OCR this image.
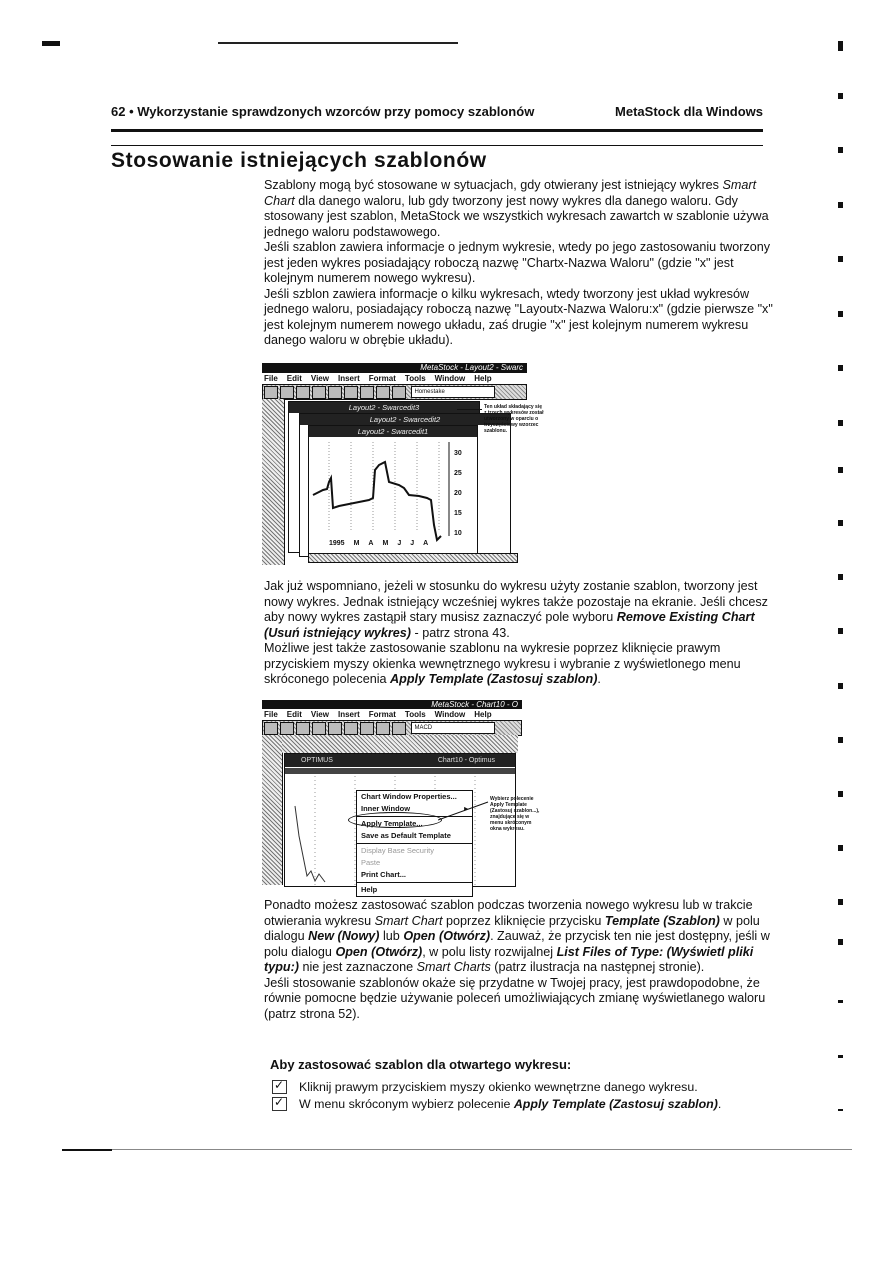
62 • Wykorzystanie sprawdzonych wzorców przy pomocy szablonów	MetaStock dla Windows
Stosowanie istniejących szablonów

Szablony mogą być stosowane w sytuacjach, gdy otwierany jest istniejący wykres Smart Chart dla danego waloru, lub gdy tworzony jest nowy wykres dla danego waloru. Gdy stosowany jest szablon, MetaStock we wszystkich wykresach zawartch w szablonie używa jednego waloru podstawowego.

Jeśli szablon zawiera informacje o jednym wykresie, wtedy po jego zastosowaniu tworzony jest jeden wykres posiadający roboczą nazwę "Chartx-Nazwa Waloru" (gdzie "x" jest kolejnym numerem nowego wykresu).

Jeśli szblon zawiera informacje o kilku wykresach, wtedy tworzony jest układ wykresów jednego waloru, posiadający roboczą nazwę "Layoutx-Nazwa Waloru:x" (gdzie pierwsze "x" jest kolejnym numerem nowego układu, zaś drugie "x" jest kolejnym numerem wykresu danego waloru w obrębie układu).

MetaStock - Layout2 - Swarc
File Edit View Insert Format Tools Window Help
Homestake
Layout2 - Swarcedit3
Layout2 - Swarcedit2
Layout2 - Swarcedit1
30
25
20
15
10
1995 M A M J J A
Ten układ składający się z trzech wykresów został utworzony w oparciu o trzyczęściowy wzorzec szablonu.

Jak już wspomniano, jeżeli w stosunku do wykresu użyty zostanie szablon, tworzony jest nowy wykres. Jednak istniejący wcześniej wykres także pozostaje na ekranie. Jeśli chcesz aby nowy wykres zastąpił stary musisz zaznaczyć pole wyboru Remove Existing Chart (Usuń istniejący wykres) - patrz strona 43.

Możliwe jest także zastosowanie szablonu na wykresie poprzez kliknięcie prawym przyciskiem myszy okienka wewnętrznego wykresu i wybranie z wyświetlonego menu skróconego polecenia Apply Template (Zastosuj szablon).

MetaStock - Chart10 - O
File Edit View Insert Format Tools Window Help
MACD
OPTIMUS	Chart10 - Optimus
Chart Window Properties...
Inner Window	▸
Apply Template...
Save as Default Template
Display Base Security
Paste
Print Chart...
Help
Wybierz polecenie Apply Template (Zastosuj szablon...), znajdujące się w menu skróconym okna wykresu.

Ponadto możesz zastosować szablon podczas tworzenia nowego wykresu lub w trakcie otwierania wykresu Smart Chart poprzez kliknięcie przycisku Template (Szablon) w polu dialogu New (Nowy) lub Open (Otwórz). Zauważ, że przycisk ten nie jest dostępny, jeśli w polu dialogu Open (Otwórz), w polu listy rozwijalnej List Files of Type: (Wyświetl pliki typu:) nie jest zaznaczone Smart Charts (patrz ilustracja na następnej stronie).

Jeśli stosowanie szablonów okaże się przydatne w Twojej pracy, jest prawdopodobne, że równie pomocne będzie używanie poleceń umożliwiających zmianę wyświetlanego waloru (patrz strona 52).

Aby zastosować szablon dla otwartego wykresu:
✓ Kliknij prawym przyciskiem myszy okienko wewnętrzne danego wykresu.
✓ W menu skróconym wybierz polecenie Apply Template (Zastosuj szablon).
